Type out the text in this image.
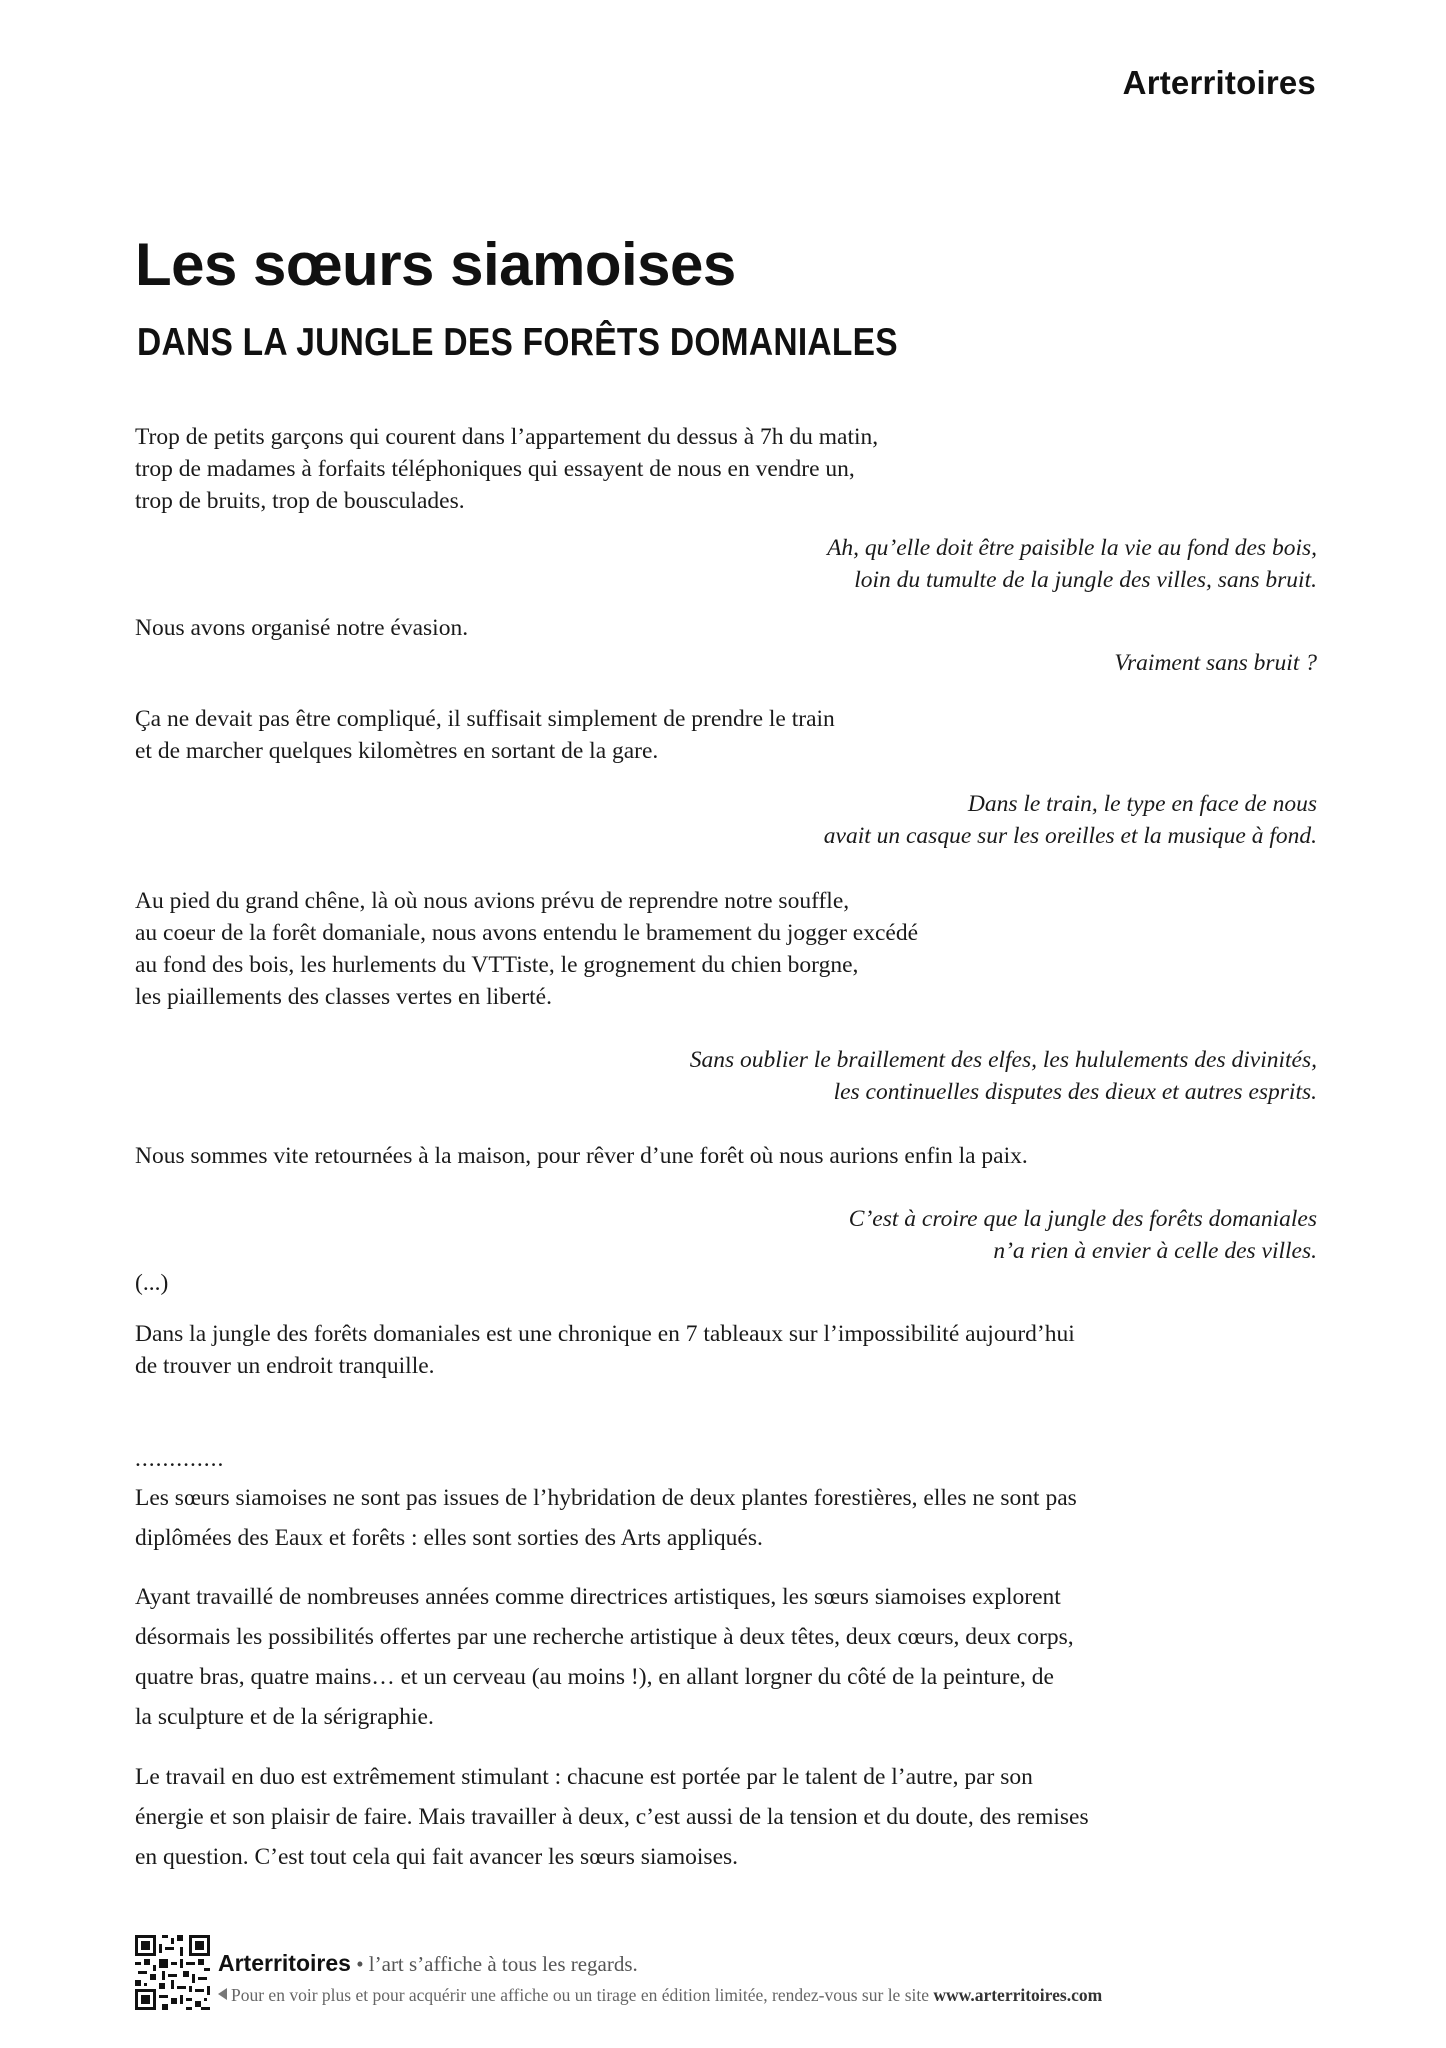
Arterritoires
Les sœurs siamoises
DANS LA JUNGLE DES FORÊTS DOMANIALES
Trop de petits garçons qui courent dans l’appartement du dessus à 7h du matin,
trop de madames à forfaits téléphoniques qui essayent de nous en vendre un,
trop de bruits, trop de bousculades.
Ah, qu’elle doit être paisible la vie au fond des bois,
loin du tumulte de la jungle des villes, sans bruit.
Nous avons organisé notre évasion.
Vraiment sans bruit ?
Ça ne devait pas être compliqué, il suffisait simplement de prendre le train
et de marcher quelques kilomètres en sortant de la gare.
Dans le train, le type en face de nous
avait un casque sur les oreilles et la musique à fond.
Au pied du grand chêne, là où nous avions prévu de reprendre notre souffle,
au coeur de la forêt domaniale, nous avons entendu le bramement du jogger excédé
au fond des bois, les hurlements du VTTiste, le grognement du chien borgne,
les piaillements des classes vertes en liberté.
Sans oublier le braillement des elfes, les hululements des divinités,
les continuelles disputes des dieux et autres esprits.
Nous sommes vite retournées à la maison, pour rêver d’une forêt où nous aurions enfin la paix.
C’est à croire que la jungle des forêts domaniales
n’a rien à envier à celle des villes.
(...)
Dans la jungle des forêts domaniales est une chronique en 7 tableaux sur l’impossibilité aujourd’hui
de trouver un endroit tranquille.
.............
Les sœurs siamoises ne sont pas issues de l’hybridation de deux plantes forestières, elles ne sont pas
diplômées des Eaux et forêts : elles sont sorties des Arts appliqués.
Ayant travaillé de nombreuses années comme directrices artistiques, les sœurs siamoises explorent
désormais les possibilités offertes par une recherche artistique à deux têtes, deux cœurs, deux corps,
quatre bras, quatre mains… et un cerveau (au moins !), en allant lorgner du côté de la peinture, de
la sculpture et de la sérigraphie.
Le travail en duo est extrêmement stimulant : chacune est portée par le talent de l’autre, par son
énergie et son plaisir de faire. Mais travailler à deux, c’est aussi de la tension et du doute, des remises
en question. C’est tout cela qui fait avancer les sœurs siamoises.
Arterritoires • l’art s’affiche à tous les regards.
Pour en voir plus et pour acquérir une affiche ou un tirage en édition limitée, rendez-vous sur le site www.arterritoires.com
